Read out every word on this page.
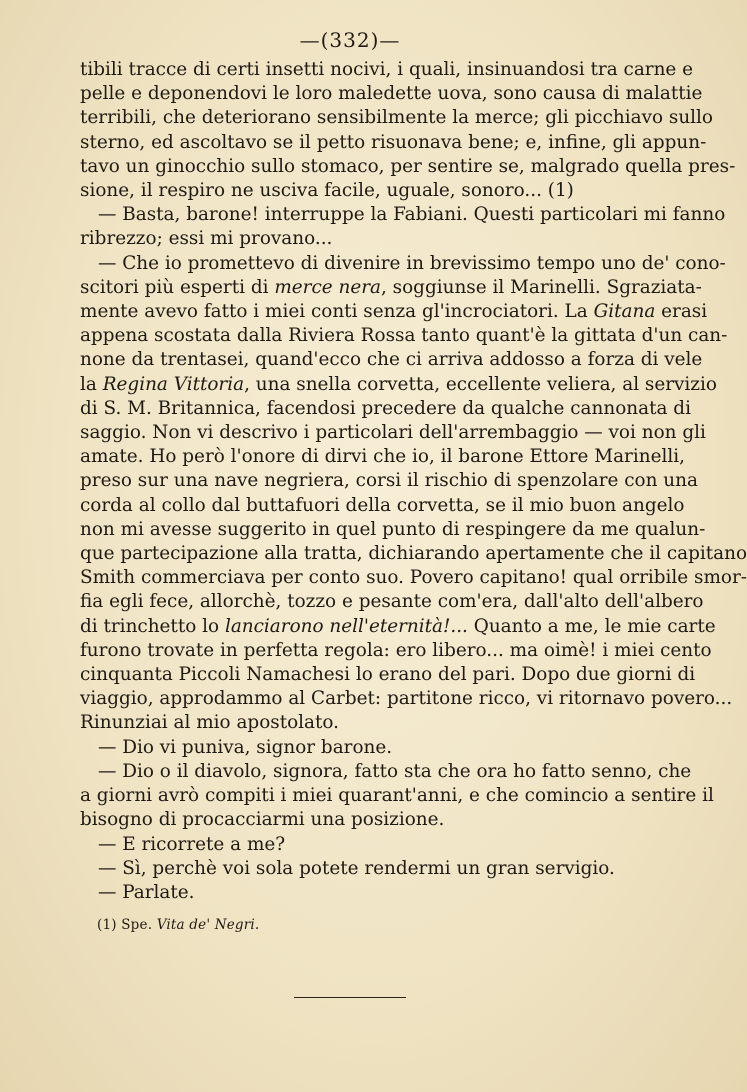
—(332)—
tibili tracce di certi insetti nocivi, i quali, insinuandosi tra carne e
pelle e deponendovi le loro maledette uova, sono causa di malattie
terribili, che deteriorano sensibilmente la merce; gli picchiavo sullo
sterno, ed ascoltavo se il petto risuonava bene; e, infine, gli appun-
tavo un ginocchio sullo stomaco, per sentire se, malgrado quella pres-
sione, il respiro ne usciva facile, uguale, sonoro... (1)
— Basta, barone! interruppe la Fabiani. Questi particolari mi fanno
ribrezzo; essi mi provano...
— Che io promettevo di divenire in brevissimo tempo uno de' cono-
scitori più esperti di merce nera, soggiunse il Marinelli. Sgraziata-
mente avevo fatto i miei conti senza gl'incrociatori. La Gitana erasi
appena scostata dalla Riviera Rossa tanto quant'è la gittata d'un can-
none da trentasei, quand'ecco che ci arriva addosso a forza di vele
la Regina Vittoria, una snella corvetta, eccellente veliera, al servizio
di S. M. Britannica, facendosi precedere da qualche cannonata di
saggio. Non vi descrivo i particolari dell'arrembaggio — voi non gli
amate. Ho però l'onore di dirvi che io, il barone Ettore Marinelli,
preso sur una nave negriera, corsi il rischio di spenzolare con una
corda al collo dal buttafuori della corvetta, se il mio buon angelo
non mi avesse suggerito in quel punto di respingere da me qualun-
que partecipazione alla tratta, dichiarando apertamente che il capitano
Smith commerciava per conto suo. Povero capitano! qual orribile smor-
fia egli fece, allorchè, tozzo e pesante com'era, dall'alto dell'albero
di trinchetto lo lanciarono nell'eternità!... Quanto a me, le mie carte
furono trovate in perfetta regola: ero libero... ma oimè! i miei cento
cinquanta Piccoli Namachesi lo erano del pari. Dopo due giorni di
viaggio, approdammo al Carbet: partitone ricco, vi ritornavo povero...
Rinunziai al mio apostolato.
— Dio vi puniva, signor barone.
— Dio o il diavolo, signora, fatto sta che ora ho fatto senno, che
a giorni avrò compiti i miei quarant'anni, e che comincio a sentire il
bisogno di procacciarmi una posizione.
— E ricorrete a me?
— Sì, perchè voi sola potete rendermi un gran servigio.
— Parlate.
(1) Spe. Vita de' Negri.
